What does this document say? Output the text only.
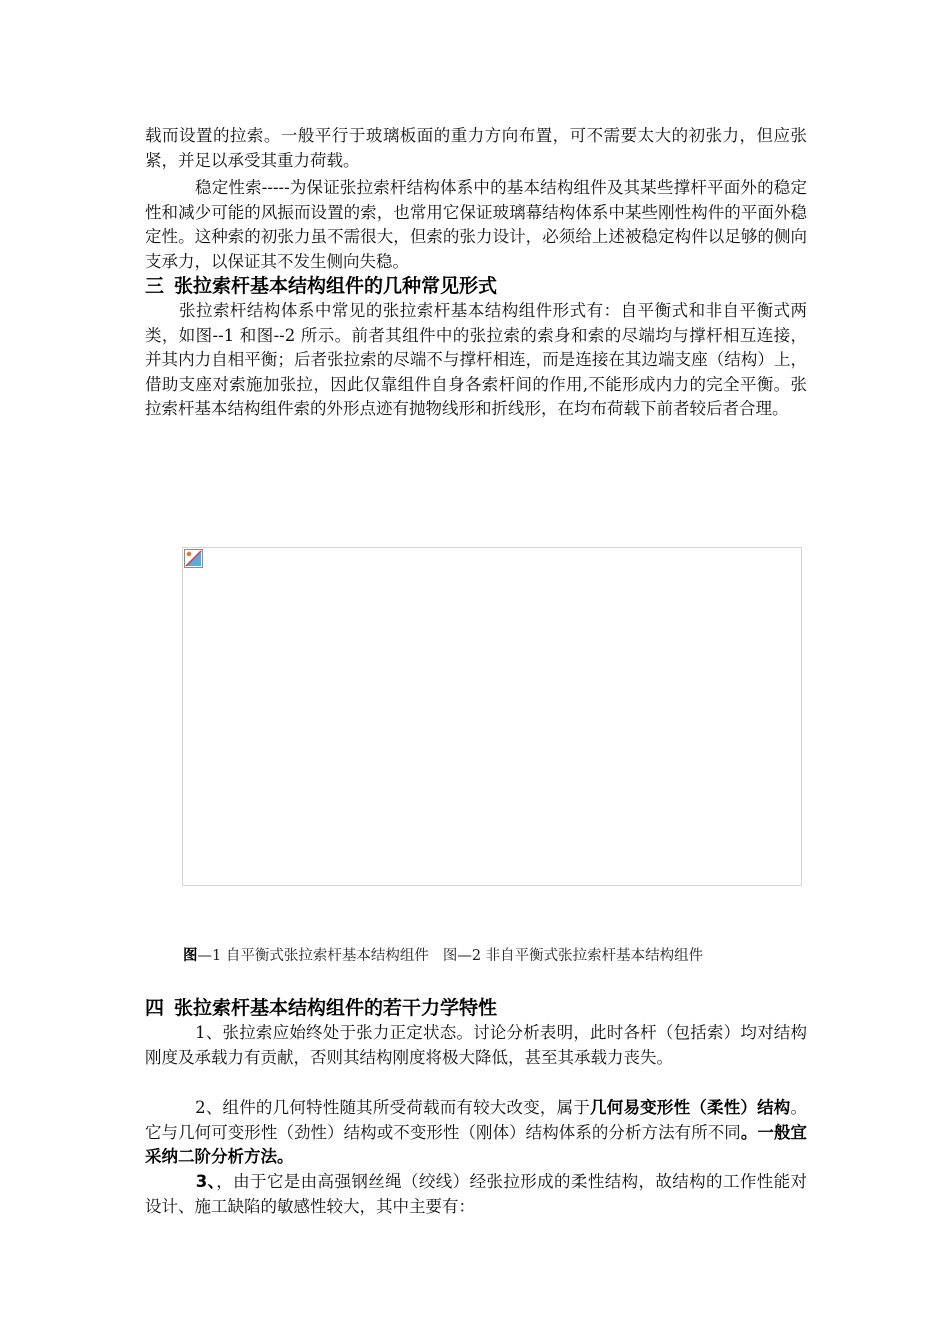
载而设置的拉索。一般平行于玻璃板面的重力方向布置，可不需要太大的初张力，但应张紧，并足以承受其重力荷载。

　　　稳定性索-----为保证张拉索杆结构体系中的基本结构组件及其某些撑杆平面外的稳定性和减少可能的风振而设置的索，也常用它保证玻璃幕结构体系中某些刚性构件的平面外稳定性。这种索的初张力虽不需很大，但索的张力设计，必须给上述被稳定构件以足够的侧向支承力，以保证其不发生侧向失稳。

三 张拉索杆基本结构组件的几种常见形式

　　张拉索杆结构体系中常见的张拉索杆基本结构组件形式有：自平衡式和非自平衡式两类，如图--1 和图--2 所示。前者其组件中的张拉索的索身和索的尽端均与撑杆相互连接，并其内力自相平衡；后者张拉索的尽端不与撑杆相连，而是连接在其边端支座（结构）上，借助支座对索施加张拉，因此仅靠组件自身各索杆间的作用,不能形成内力的完全平衡。张拉索杆基本结构组件索的外形点迹有抛物线形和折线形，在均布荷载下前者较后者合理。

图—1 自平衡式张拉索杆基本结构组件 图—2 非自平衡式张拉索杆基本结构组件
四 张拉索杆基本结构组件的若干力学特性

　　　1、张拉索应始终处于张力正定状态。讨论分析表明，此时各杆（包括索）均对结构刚度及承载力有贡献，否则其结构刚度将极大降低，甚至其承载力丧失。

　　　2、组件的几何特性随其所受荷载而有较大改变，属于几何易变形性（柔性）结构。它与几何可变形性（劲性）结构或不变形性（刚体）结构体系的分析方法有所不同。一般宜采纳二阶分析方法。

　　　3、，由于它是由高强钢丝绳（绞线）经张拉形成的柔性结构，故结构的工作性能对设计、施工缺陷的敏感性较大，其中主要有：
